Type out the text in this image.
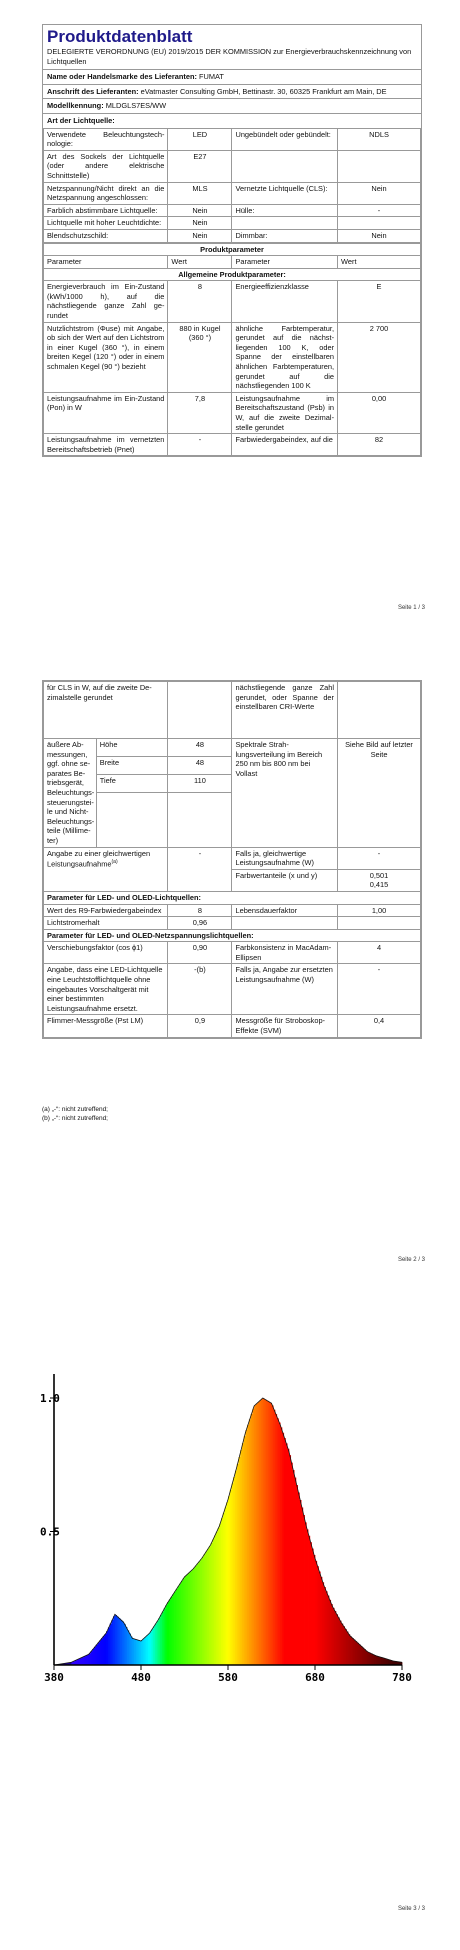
Produktdatenblatt
DELEGIERTE VERORDNUNG (EU) 2019/2015 DER KOMMISSION zur Energieverbrauchskennzeichnung von Lichtquellen
Name oder Handelsmarke des Lieferanten: FUMAT
Anschrift des Lieferanten: eVatmaster Consulting GmbH, Bettinastr. 30, 60325 Frankfurt am Main, DE
Modellkennung: MLDGLS7ES/WW
Art der Lichtquelle:
Verwendete Beleuchtungstechnologie:	LED	Ungebündelt oder gebündelt:	NDLS
Art des Sockels der Lichtquelle (oder andere elektrische Schnittstelle)	E27		
Netzspannung/Nicht direkt an die Netzspannung angeschlossen:	MLS	Vernetzte Lichtquelle (CLS):	Nein
Farblich abstimmbare Lichtquelle:	Nein	Hülle:	-
Lichtquelle mit hoher Leuchtdichte:	Nein		
Blendschutzschild:	Nein	Dimmbar:	Nein
Produktparameter			
Parameter	Wert	Parameter	Wert
Allgemeine Produktparameter:			
Energieverbrauch im Ein-Zustand (kWh/1000 h), auf die nächstliegende ganze Zahl gerundet	8	Energieeffizienzklasse	E
Nutzlichtstrom (Φuse) mit Angabe, ob sich der Wert auf den Lichtstrom in einer Kugel (360 °), in einem breiten Kegel (120 °) oder in einem schmalen Kegel (90 °) bezieht	880 in Kugel (360 °)	ähnliche Farbtemperatur, gerundet auf die nächstliegenden 100 K, oder Spanne der einstellbaren ähnlichen Farbtemperaturen, gerundet auf die nächstliegenden 100 K	2 700
Leistungsaufnahme im Ein-Zustand (Pon) in W	7,8	Leistungsaufnahme im Bereitschaftszustand (Psb) in W, auf die zweite Dezimalstelle gerundet	0,00
Leistungsaufnahme im vernetzten Bereitschaftsbetrieb (Pnet)	-	Farbwiedergabeindex, auf die	82
Seite 1 / 3
für CLS in W, auf die zweite Dezimalstelle gerundet			nächstliegende ganze Zahl gerundet, oder Spanne der einstellbaren CRI-Werte	
äußere Abmessungen, ggf. ohne separates Betriebsgerät, Beleuchtungssteuerungsteile und Nicht-Beleuchtungsteile (Millimeter)	Höhe	48	Spektrale Strahlungsverteilung im Bereich 250 nm bis 800 nm bei Vollast	Siehe Bild auf letzter Seite
	Breite	48		
	Tiefe	110		

Angabe zu einer gleichwertigen Leistungsaufnahme$^{(a)}$		-	Falls ja, gleichwertige Leistungsaufnahme (W)	-
			Farbwertanteile (x und y)	0,501
0,415

Parameter für LED- und OLED-Lichtquellen:				
Wert des R9-Farbwiedergabeindex		8	Lebensdauerfaktor	1,00
Lichtstromerhalt		0,96		
Parameter für LED- und OLED-Netzspannungslichtquellen:				
Verschiebungsfaktor (cos ϕ1)		0,90	Farbkonsistenz in MacAdam-Ellipsen	4
Angabe, dass eine LED-Lichtquelle eine Leuchtstofflichtquelle ohne eingebautes Vorschaltgerät mit einer bestimmten Leistungsaufnahme ersetzt.		-(b)	Falls ja, Angabe zur ersetzten Leistungsaufnahme (W)	-
Flimmer-Messgröße (Pst LM)		0,9	Messgröße für Stroboskop-Effekte (SVM)	0,4
(a) „-“: nicht zutreffend;
(b) „-“: nicht zutreffend;
Seite 2 / 3
380	480	580	680	780
0.5
1.0
Seite 3 / 3
